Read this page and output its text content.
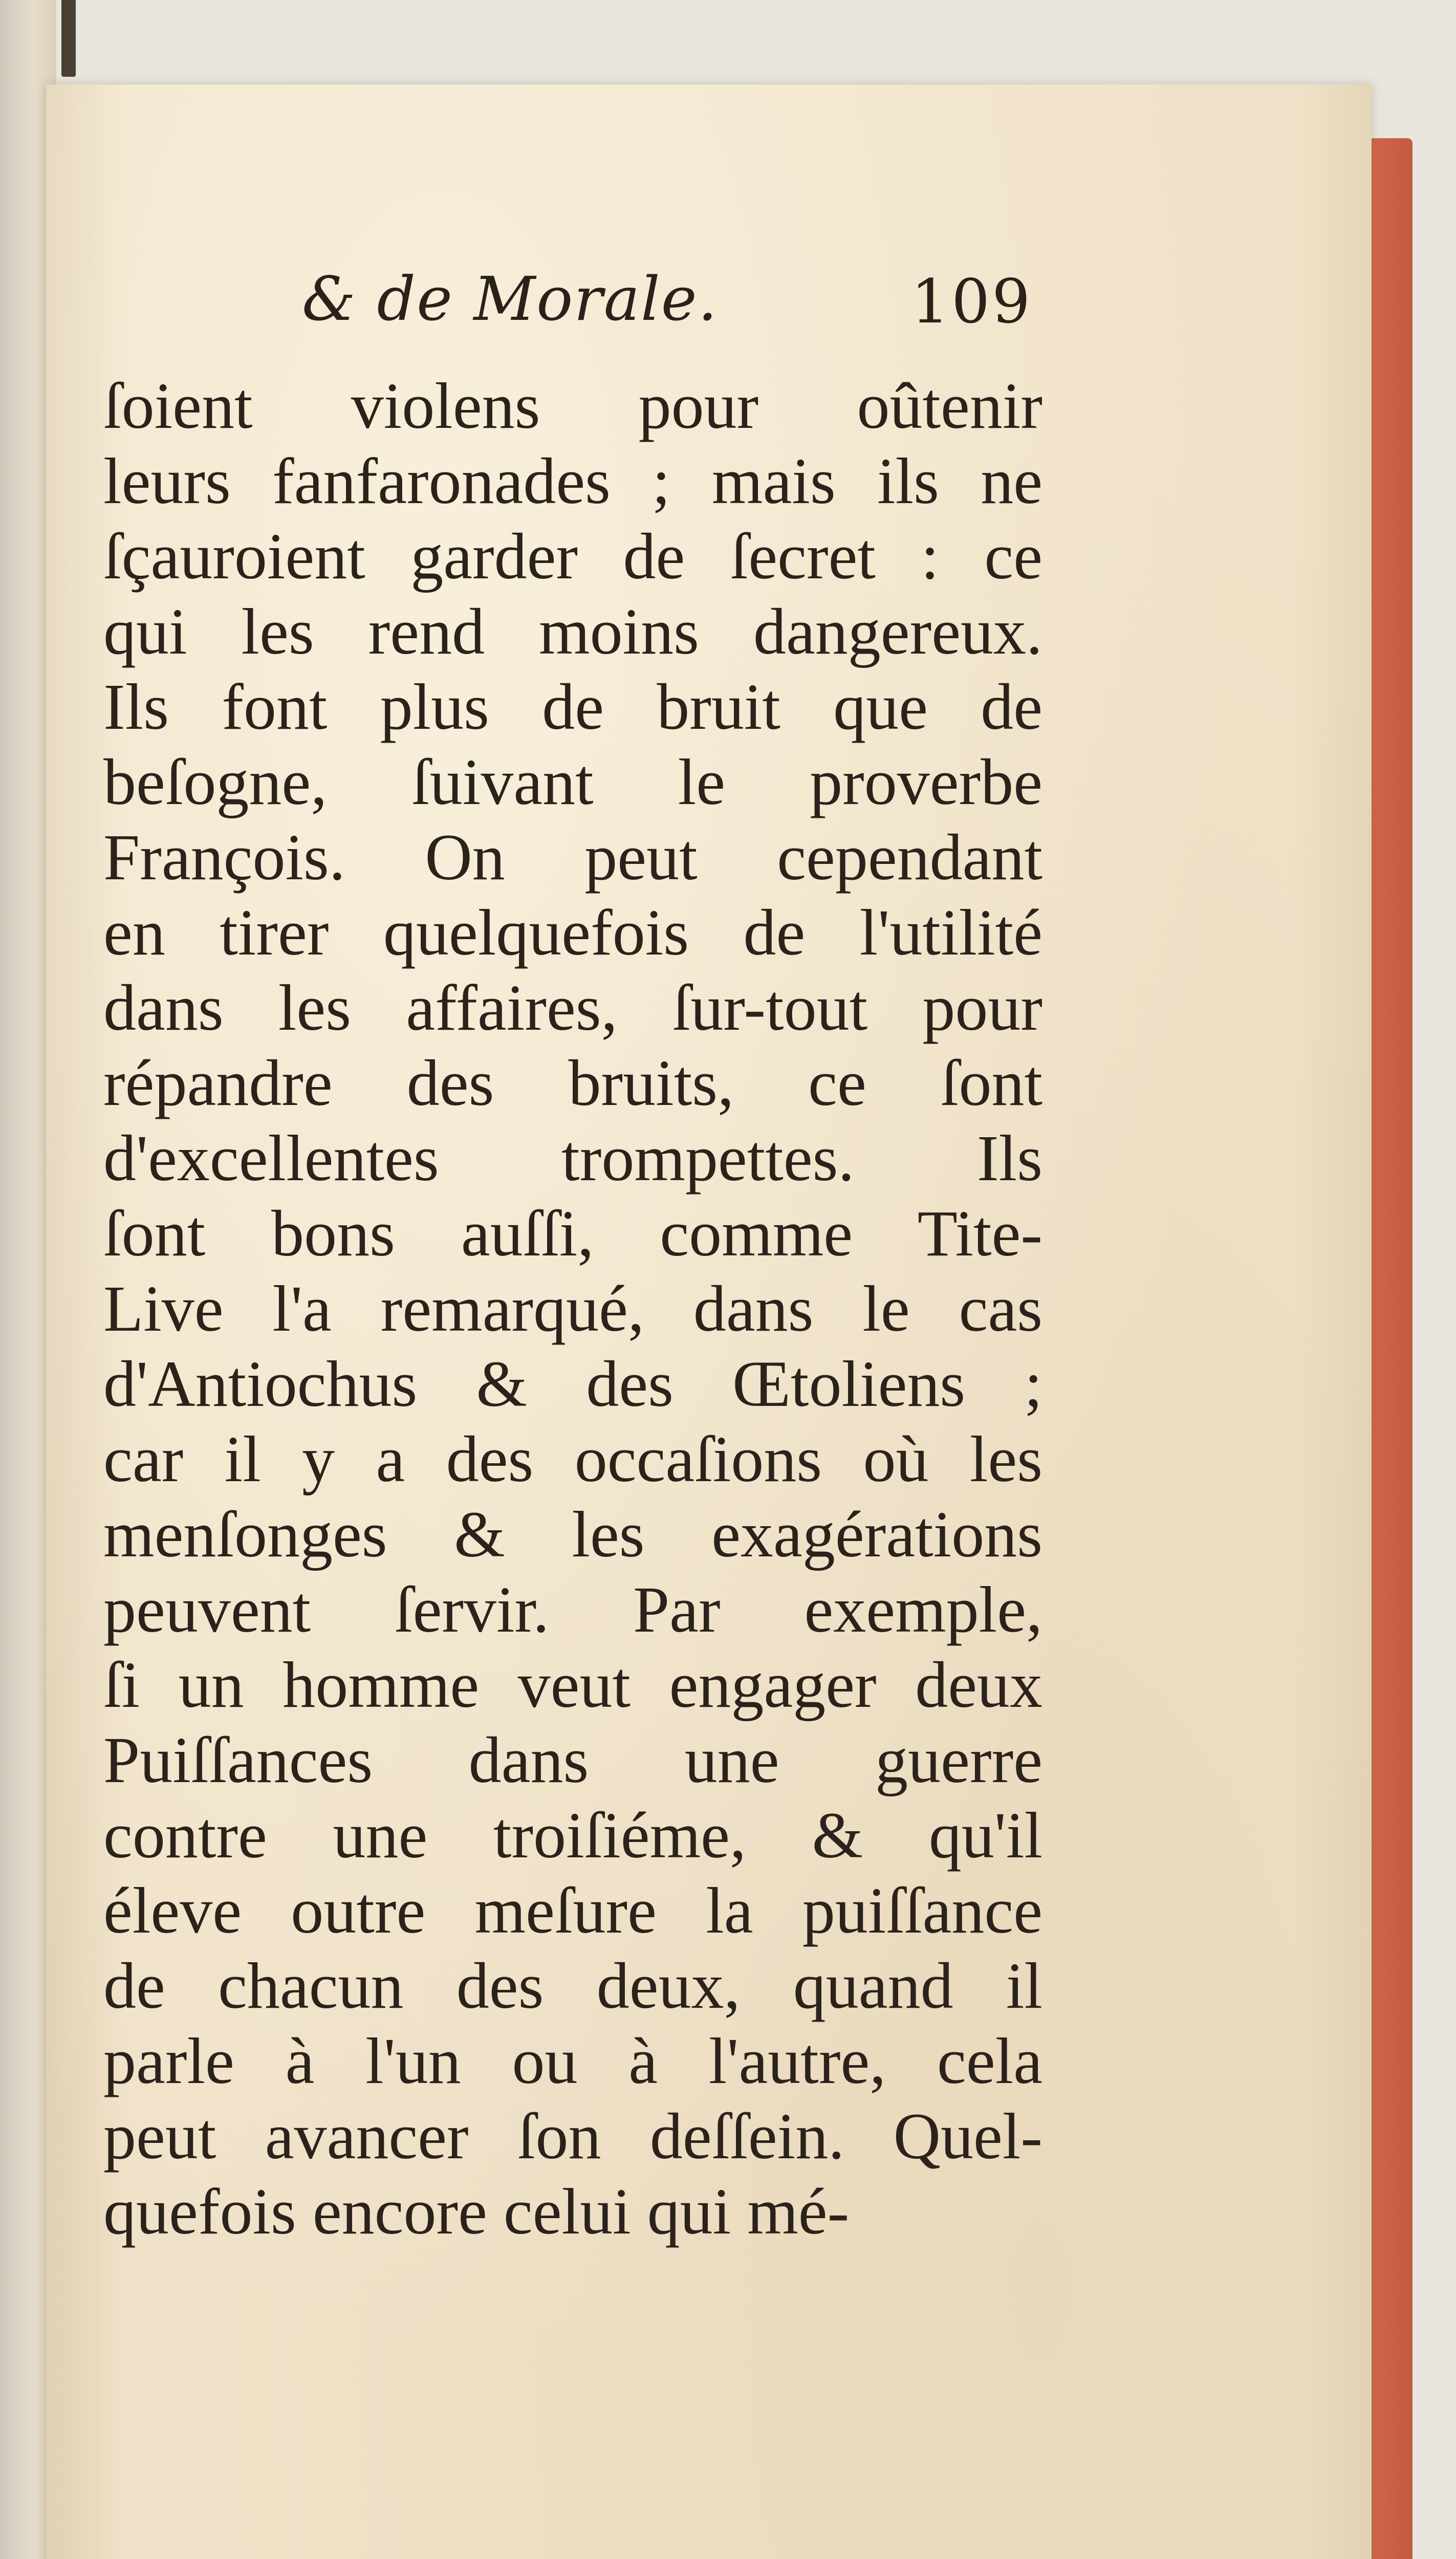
& de Morale.	109
ſoient violens pour oûtenir
leurs fanfaronades ; mais ils ne
ſçauroient garder de ſecret : ce
qui les rend moins dangereux.
Ils font plus de bruit que de
beſogne, ſuivant le proverbe
François. On peut cependant
en tirer quelquefois de l'utilité
dans les affaires, ſur-tout pour
répandre des bruits, ce ſont
d'excellentes trompettes. Ils
ſont bons auſſi, comme Tite-
Live l'a remarqué, dans le cas
d'Antiochus & des Œtoliens ;
car il y a des occaſions où les
menſonges & les exagérations
peuvent ſervir. Par exemple,
ſi un homme veut engager deux
Puiſſances dans une guerre
contre une troiſiéme, & qu'il
éleve outre meſure la puiſſance
de chacun des deux, quand il
parle à l'un ou à l'autre, cela
peut avancer ſon deſſein. Quel-
quefois encore celui qui mé-
